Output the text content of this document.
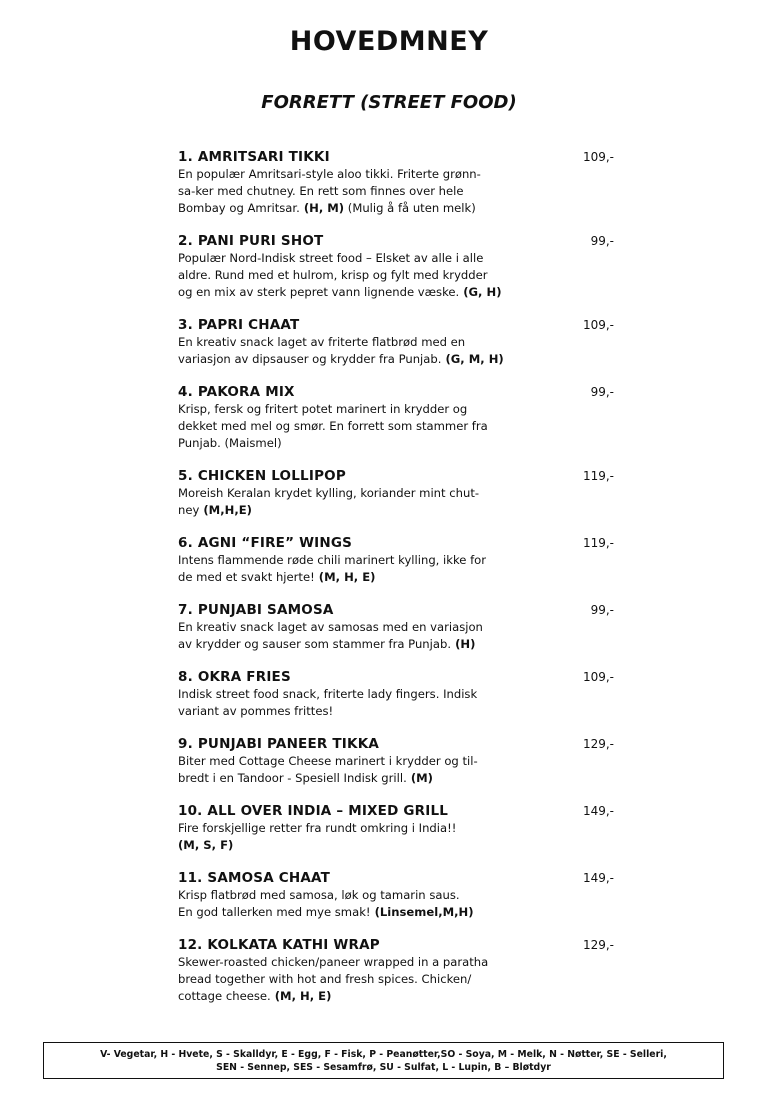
HOVEDMNEY
FORRETT (STREET FOOD)
1. AMRITSARI TIKKI	109,-

En populær Amritsari-style aloo tikki. Friterte grønn-
sa-ker med chutney. En rett som finnes over hele
Bombay og Amritsar. (H, M) (Mulig å få uten melk)

2. PANI PURI SHOT	99,-

Populær Nord-Indisk street food – Elsket av alle i alle
aldre. Rund med et hulrom, krisp og fylt med krydder
og en mix av sterk pepret vann lignende væske. (G, H)

3. PAPRI CHAAT	109,-

En kreativ snack laget av friterte flatbrød med en
variasjon av dipsauser og krydder fra Punjab. (G, M, H)

4. PAKORA MIX	99,-

Krisp, fersk og fritert potet marinert in krydder og
dekket med mel og smør. En forrett som stammer fra
Punjab. (Maismel)

5. CHICKEN LOLLIPOP	119,-

Moreish Keralan krydet kylling, koriander mint chut-
ney (M,H,E)

6. AGNI “FIRE” WINGS	119,-

Intens flammende røde chili marinert kylling, ikke for
de med et svakt hjerte! (M, H, E)

7. PUNJABI SAMOSA	99,-

En kreativ snack laget av samosas med en variasjon
av krydder og sauser som stammer fra Punjab. (H)

8. OKRA FRIES	109,-

Indisk street food snack, friterte lady fingers. Indisk
variant av pommes frittes!

9. PUNJABI PANEER TIKKA	129,-

Biter med Cottage Cheese marinert i krydder og til-
bredt i en Tandoor - Spesiell Indisk grill. (M)

10. ALL OVER INDIA – MIXED GRILL	149,-

Fire forskjellige retter fra rundt omkring i India!!
(M, S, F)

11. SAMOSA CHAAT	149,-

Krisp flatbrød med samosa, løk og tamarin saus.
En god tallerken med mye smak! (Linsemel,M,H)

12. KOLKATA KATHI WRAP	129,-

Skewer-roasted chicken/paneer wrapped in a paratha
bread together with hot and fresh spices. Chicken/
cottage cheese. (M, H, E)

V- Vegetar, H - Hvete, S - Skalldyr, E - Egg, F - Fisk, P - Peanøtter,SO - Soya, M - Melk, N - Nøtter, SE - Selleri,
SEN - Sennep, SES - Sesamfrø, SU - Sulfat, L - Lupin, B – Bløtdyr
